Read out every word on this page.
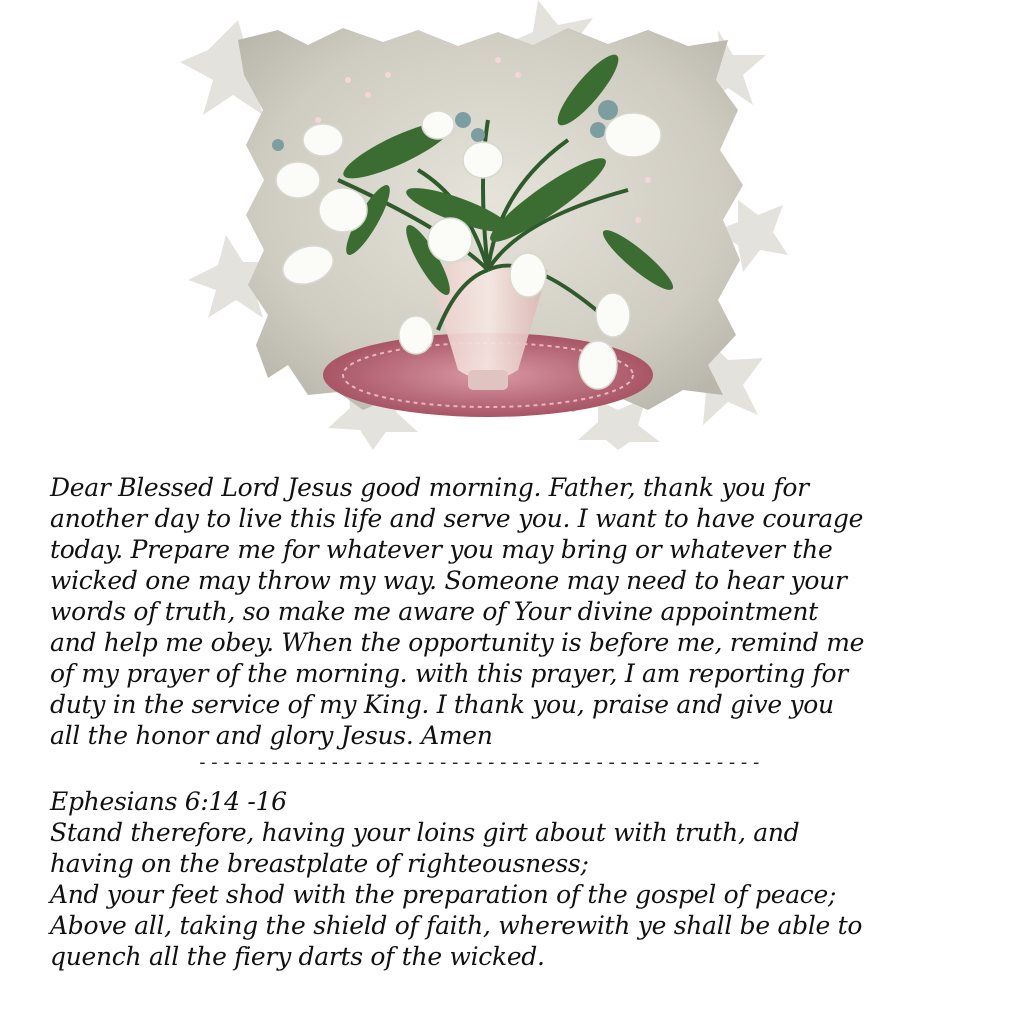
Dear Blessed Lord Jesus good morning. Father, thank you for
another day to live this life and serve you. I want to have courage
today. Prepare me for whatever you may bring or whatever the
wicked one may throw my way. Someone may need to hear your
words of truth, so make me aware of Your divine appointment
and help me obey. When the opportunity is before me, remind me
of my prayer of the morning. with this prayer, I am reporting for
duty in the service of my King. I thank you, praise and give you
all the honor and glory Jesus. Amen
-----------------------------------------------
Ephesians 6:14 -16
Stand therefore, having your loins girt about with truth, and
having on the breastplate of righteousness;
And your feet shod with the preparation of the gospel of peace;
Above all, taking the shield of faith, wherewith ye shall be able to
quench all the fiery darts of the wicked.
